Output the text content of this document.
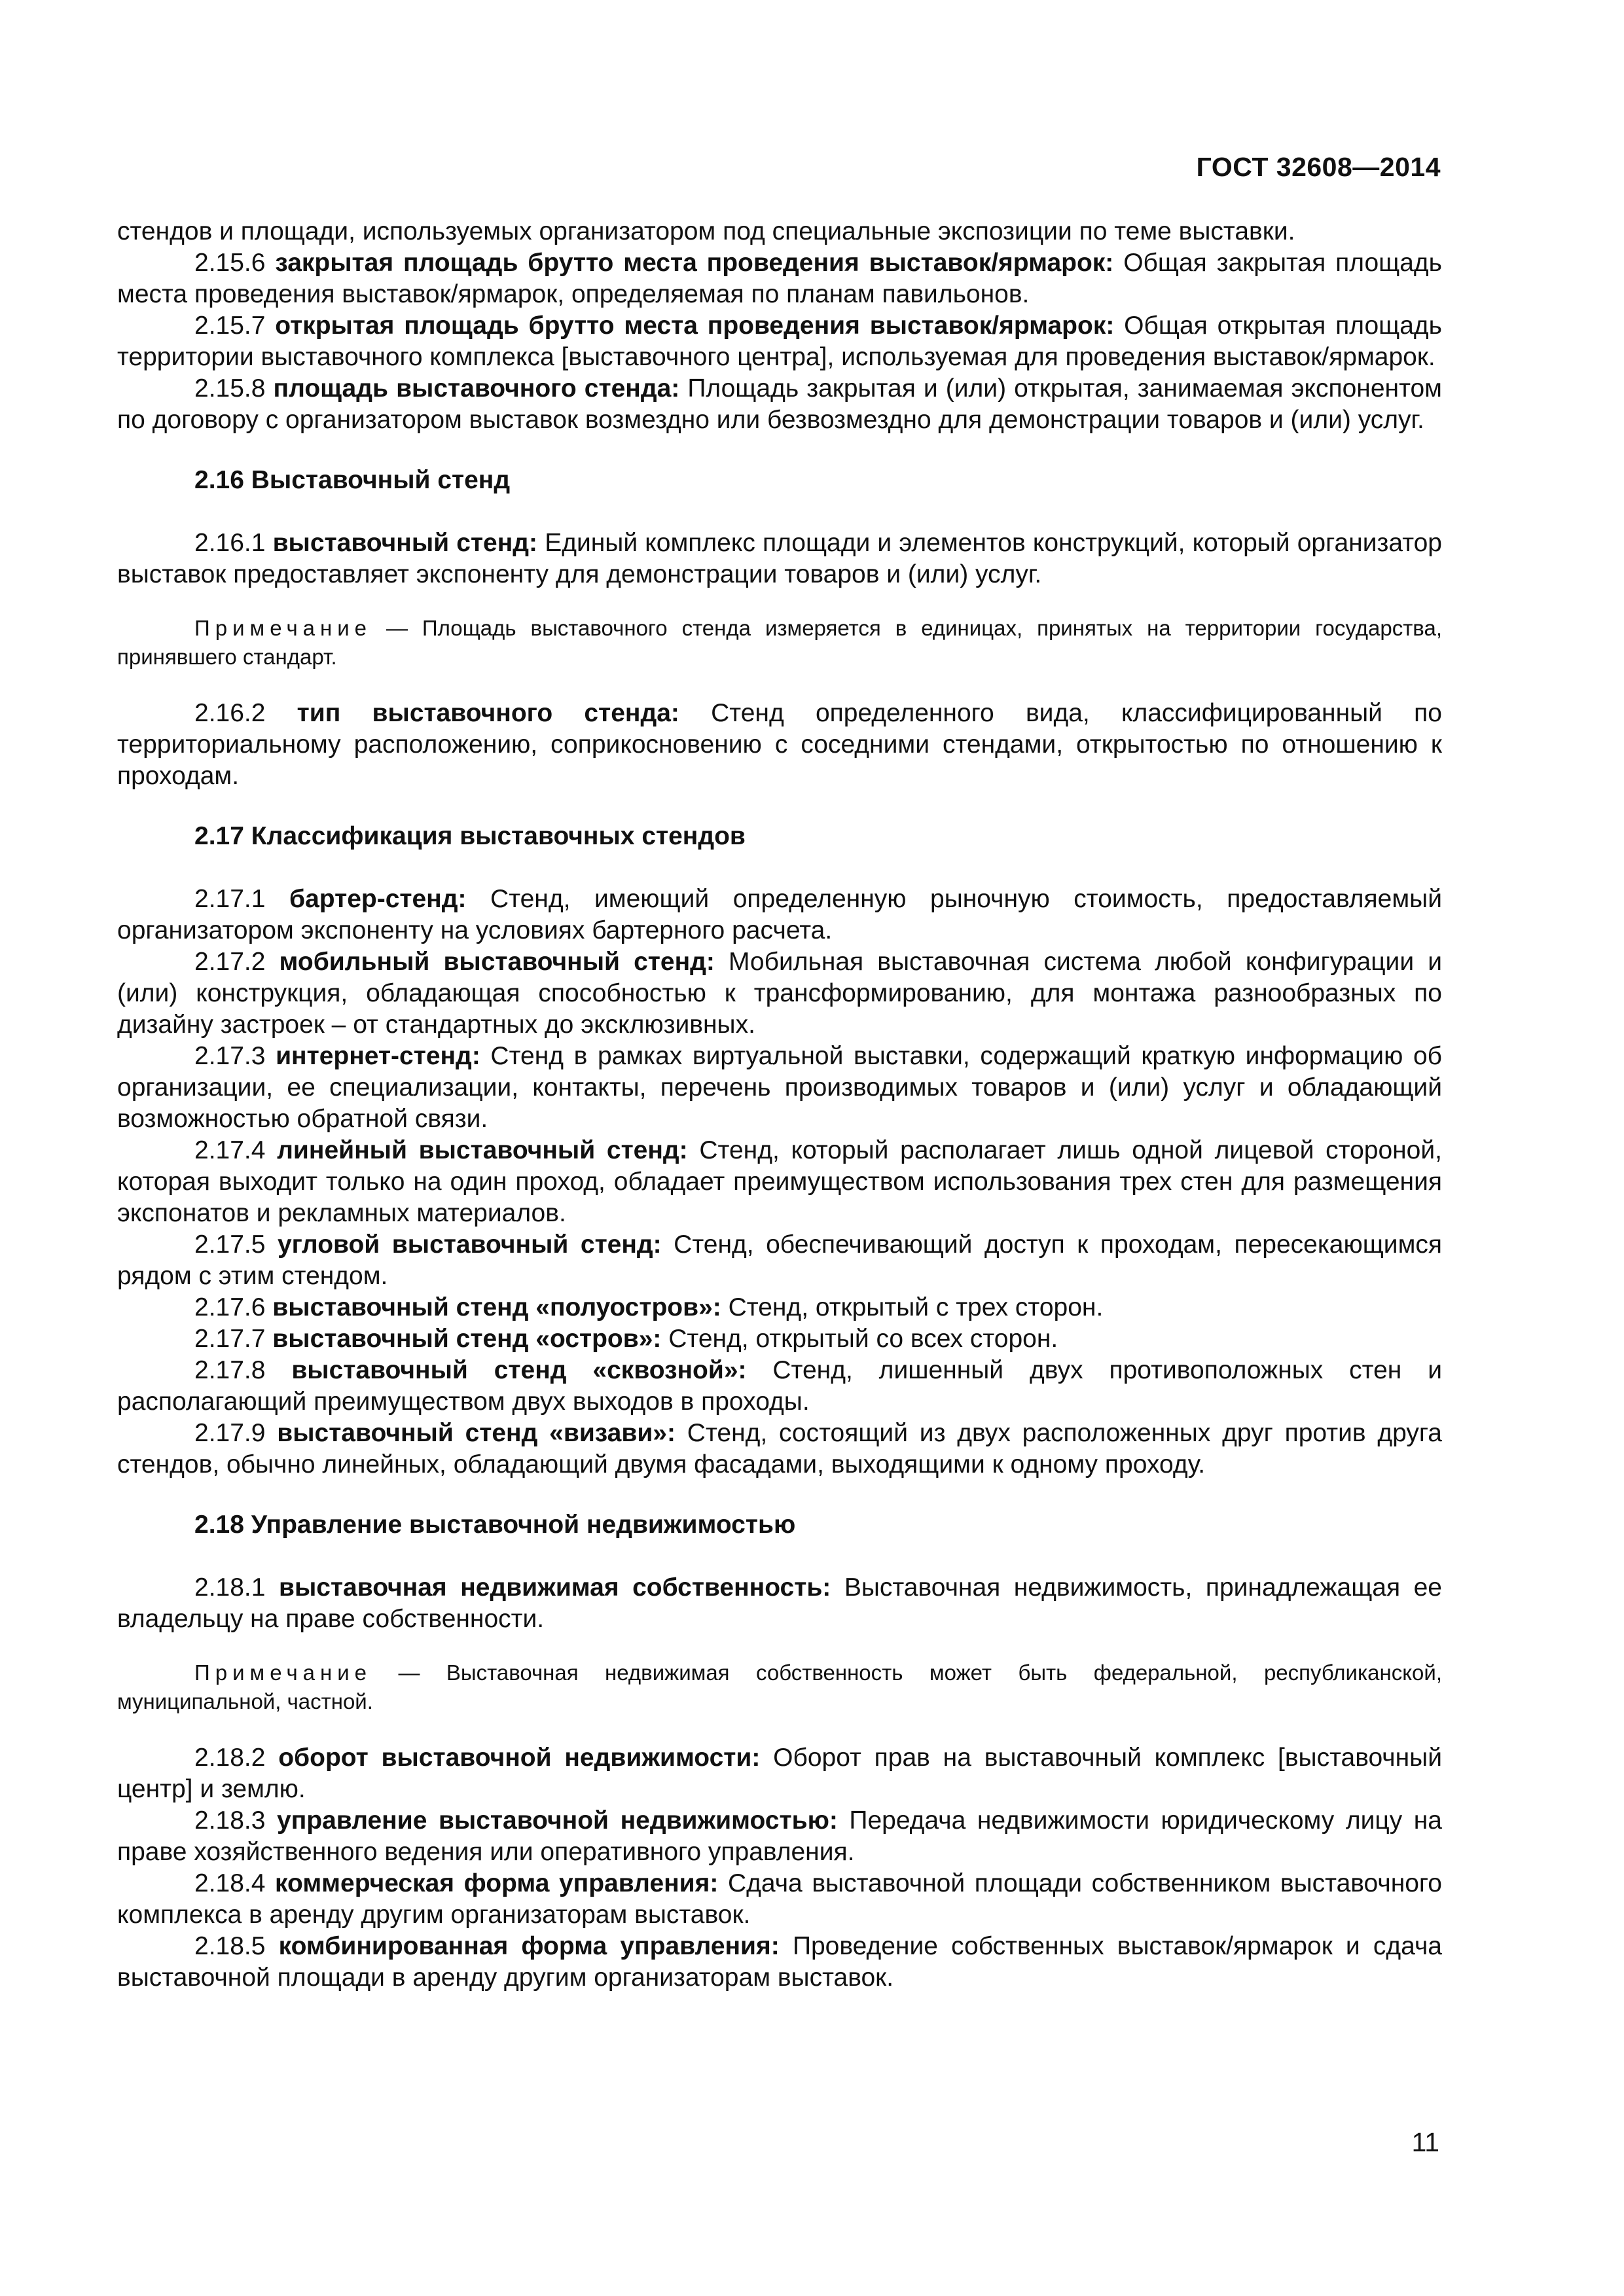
ГОСТ 32608—2014

стендов и площади, используемых организатором под специальные экспозиции по теме выставки.

2.15.6 закрытая площадь брутто места проведения выставок/ярмарок: Общая закрытая площадь места проведения выставок/ярмарок, определяемая по планам павильонов.

2.15.7 открытая площадь брутто места проведения выставок/ярмарок: Общая открытая площадь территории выставочного комплекса [выставочного центра], используемая для проведения выставок/ярмарок.

2.15.8 площадь выставочного стенда: Площадь закрытая и (или) открытая, занимаемая экспонентом по договору с организатором выставок возмездно или безвозмездно для демонстрации товаров и (или) услуг.

2.16 Выставочный стенд

2.16.1 выставочный стенд: Единый комплекс площади и элементов конструкций, который организатор выставок предоставляет экспоненту для демонстрации товаров и (или) услуг.

Примечание — Площадь выставочного стенда измеряется в единицах, принятых на территории государства, принявшего стандарт.

2.16.2 тип выставочного стенда: Стенд определенного вида, классифицированный по территориальному расположению, соприкосновению с соседними стендами, открытостью по отношению к проходам.

2.17 Классификация выставочных стендов

2.17.1 бартер-стенд: Стенд, имеющий определенную рыночную стоимость, предоставляемый организатором экспоненту на условиях бартерного расчета.

2.17.2 мобильный выставочный стенд: Мобильная выставочная система любой конфигурации и (или) конструкция, обладающая способностью к трансформированию, для монтажа разнообразных по дизайну застроек – от стандартных до эксклюзивных.

2.17.3 интернет-стенд: Стенд в рамках виртуальной выставки, содержащий краткую информацию об организации, ее специализации, контакты, перечень производимых товаров и (или) услуг и обладающий возможностью обратной связи.

2.17.4 линейный выставочный стенд: Стенд, который располагает лишь одной лицевой стороной, которая выходит только на один проход, обладает преимуществом использования трех стен для размещения экспонатов и рекламных материалов.

2.17.5 угловой выставочный стенд: Стенд, обеспечивающий доступ к проходам, пересекающимся рядом с этим стендом.

2.17.6 выставочный стенд «полуостров»: Стенд, открытый с трех сторон.

2.17.7 выставочный стенд «остров»: Стенд, открытый со всех сторон.

2.17.8 выставочный стенд «сквозной»: Стенд, лишенный двух противоположных стен и располагающий преимуществом двух выходов в проходы.

2.17.9 выставочный стенд «визави»: Стенд, состоящий из двух расположенных друг против друга стендов, обычно линейных, обладающий двумя фасадами, выходящими к одному проходу.

2.18 Управление выставочной недвижимостью

2.18.1 выставочная недвижимая собственность: Выставочная недвижимость, принадлежащая ее владельцу на праве собственности.

Примечание — Выставочная недвижимая собственность может быть федеральной, республиканской, муниципальной, частной.

2.18.2 оборот выставочной недвижимости: Оборот прав на выставочный комплекс [выставочный центр] и землю.

2.18.3 управление выставочной недвижимостью: Передача недвижимости юридическому лицу на праве хозяйственного ведения или оперативного управления.

2.18.4 коммерческая форма управления: Сдача выставочной площади собственником выставочного комплекса в аренду другим организаторам выставок.

2.18.5 комбинированная форма управления: Проведение собственных выставок/ярмарок и сдача выставочной площади в аренду другим организаторам выставок.

11
